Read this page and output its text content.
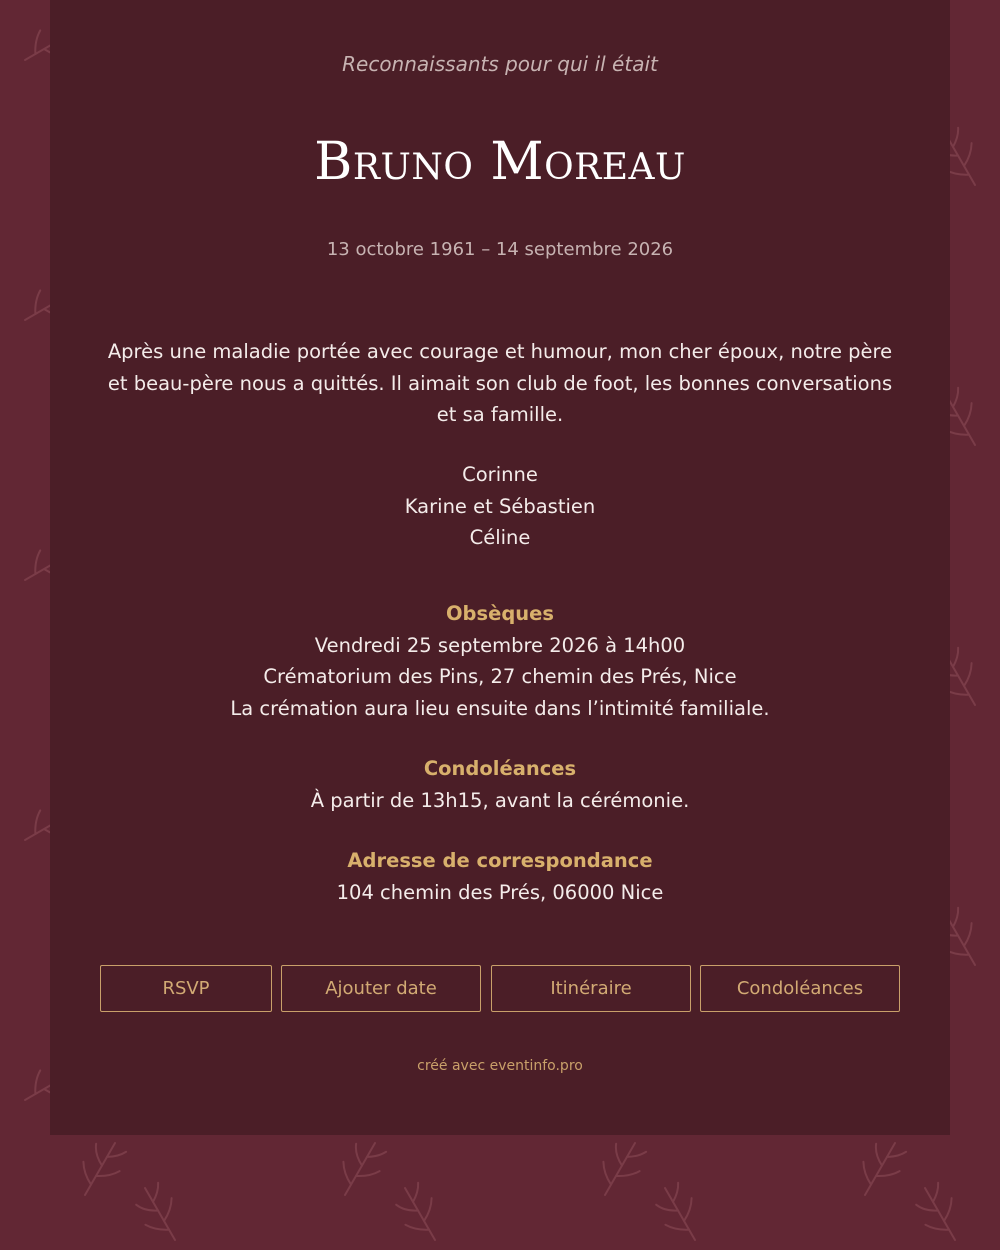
Reconnaissants pour qui il était
Bruno Moreau
13 octobre 1961 – 14 septembre 2026
Après une maladie portée avec courage et humour, mon cher époux, notre père et beau-père nous a quittés. Il aimait son club de foot, les bonnes conversations et sa famille.
Corinne
Karine et Sébastien
Céline
Obsèques
Vendredi 25 septembre 2026 à 14h00
Crématorium des Pins, 27 chemin des Prés, Nice
La crémation aura lieu ensuite dans l’intimité familiale.
Condoléances
À partir de 13h15, avant la cérémonie.
Adresse de correspondance
104 chemin des Prés, 06000 Nice
RSVP	Ajouter date	Itinéraire	Condoléances
créé avec eventinfo.pro
